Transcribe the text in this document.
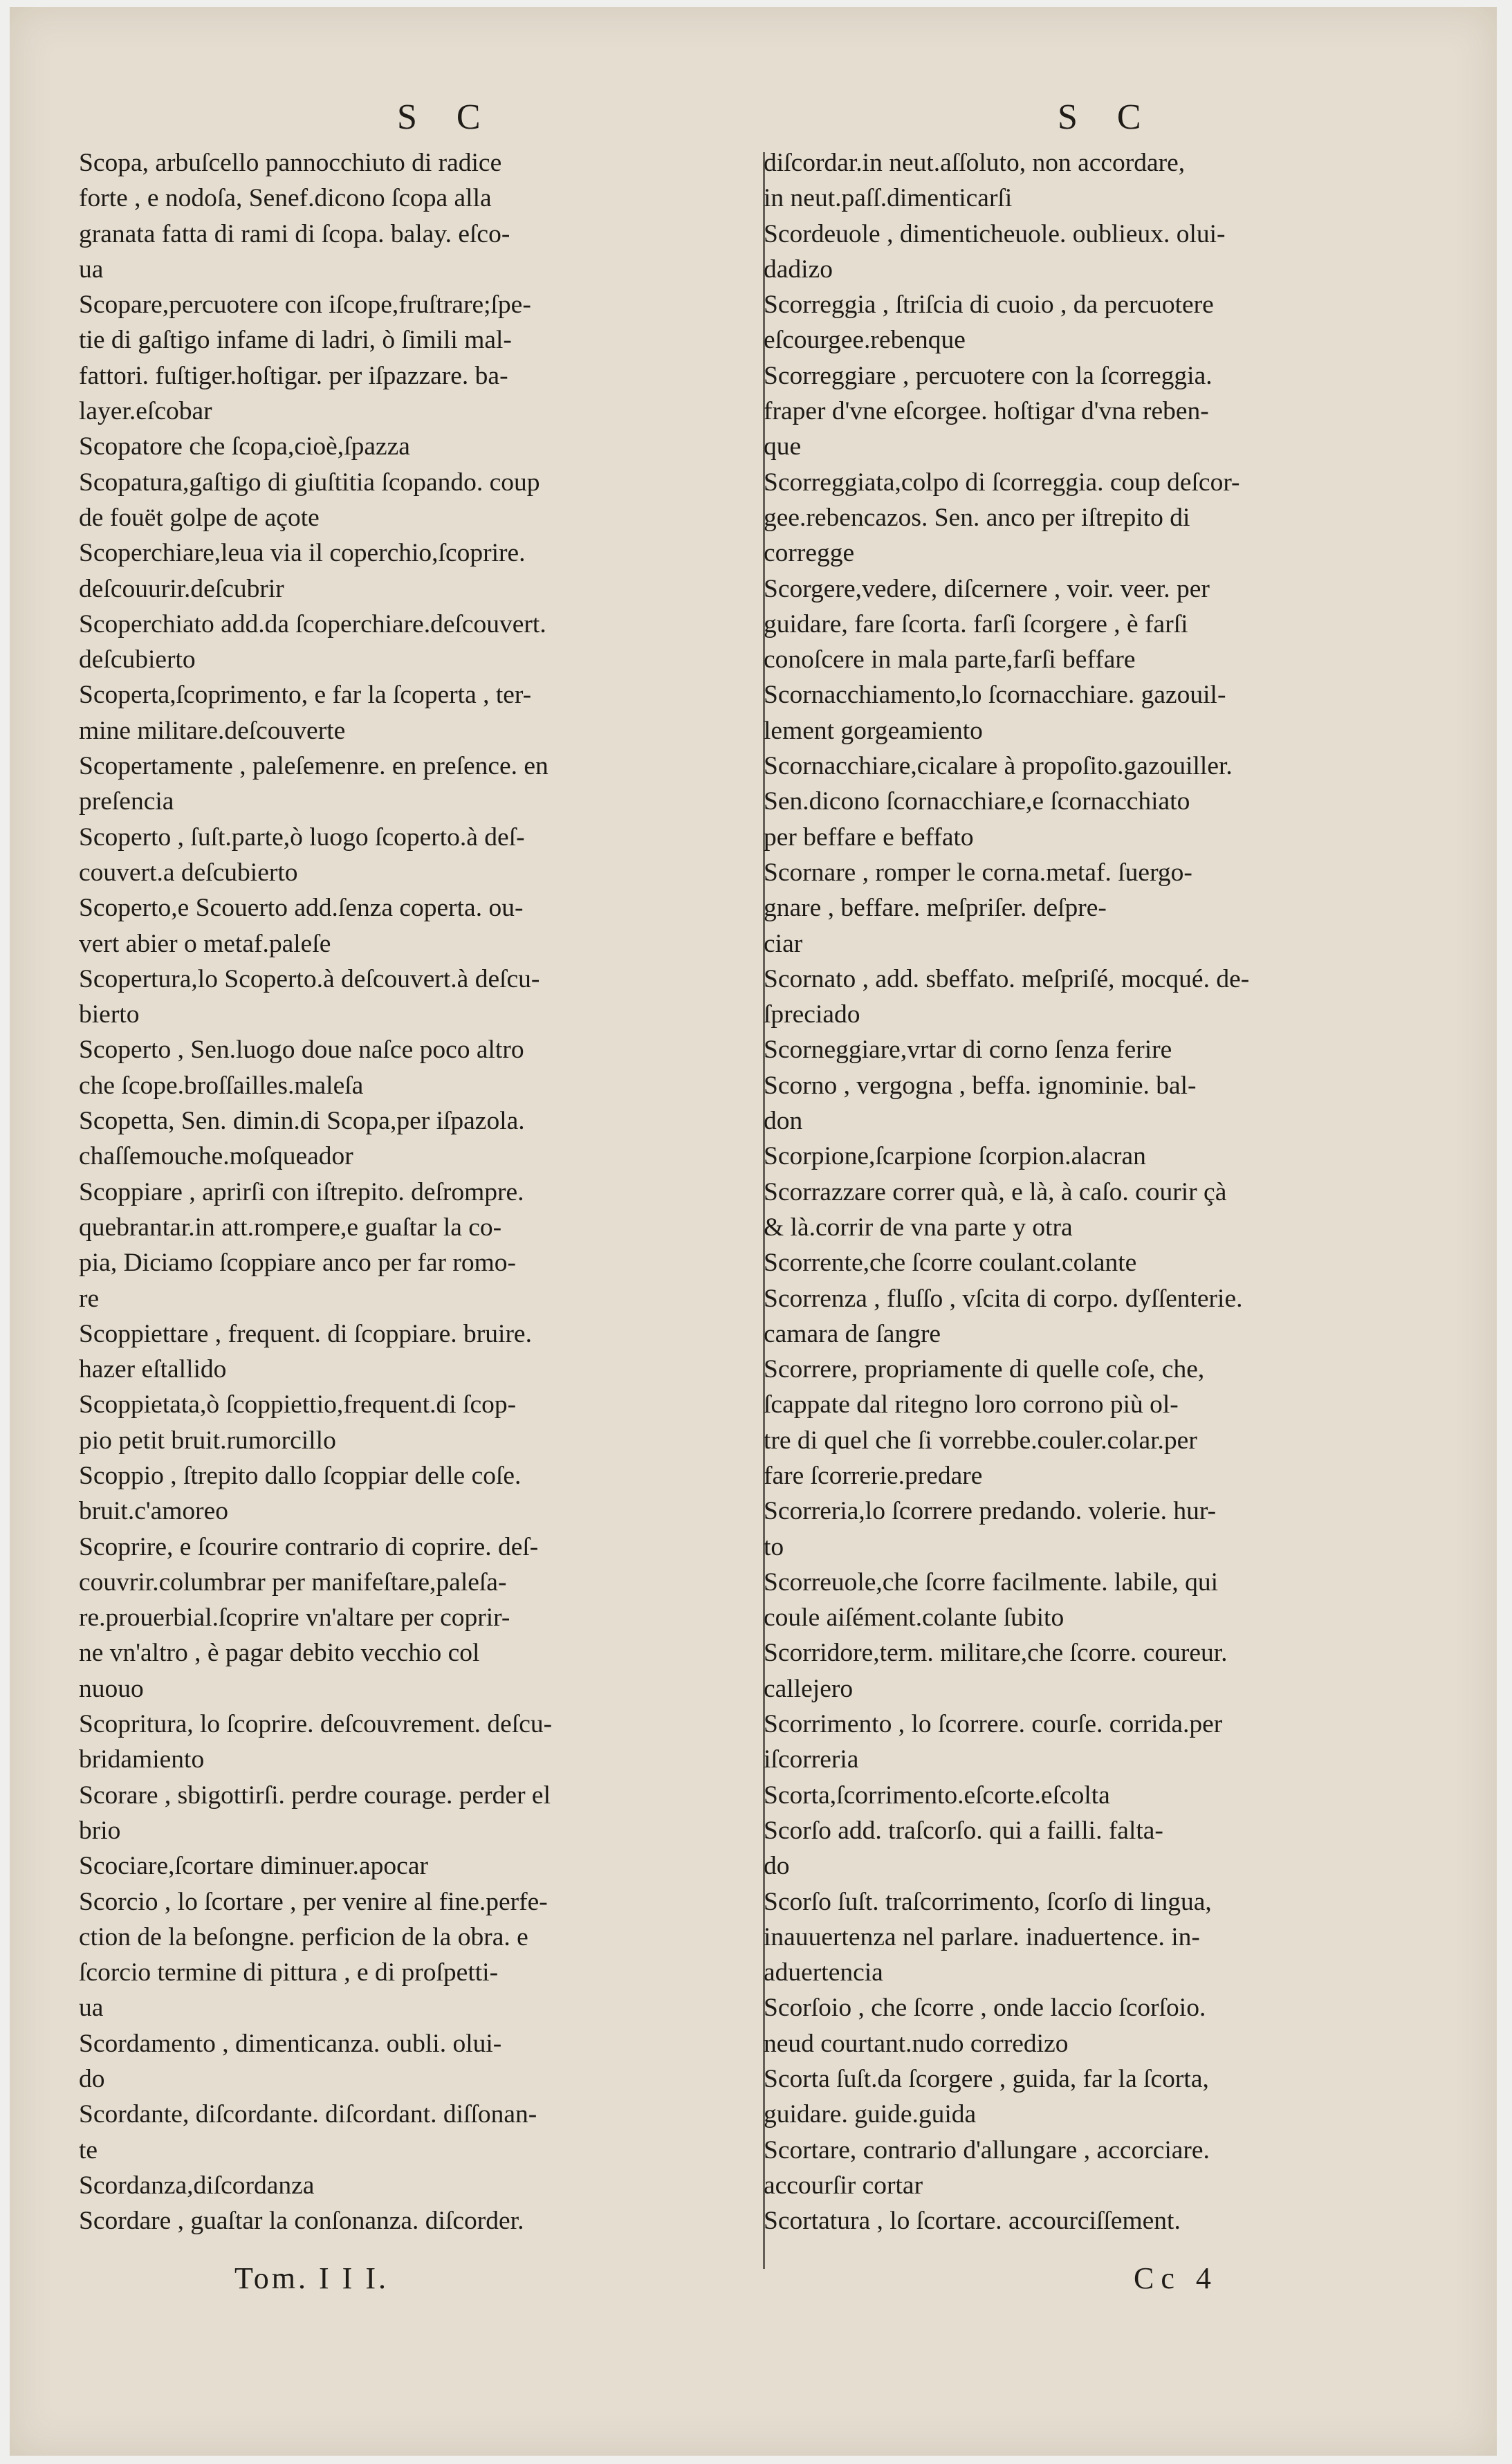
S C	S C
Scopa, arbuſcello pannocchiuto di radice
forte , e nodoſa, Senef.dicono ſcopa alla
granata fatta di rami di ſcopa. balay. eſco-
ua
Scopare,percuotere con iſcope,fruſtrare;ſpe-
tie di gaſtigo infame di ladri, ò ſimili mal-
fattori. fuſtiger.hoſtigar. per iſpazzare. ba-
layer.eſcobar
Scopatore che ſcopa,cioè,ſpazza
Scopatura,gaſtigo di giuſtitia ſcopando. coup
de fouët golpe de açote
Scoperchiare,leua via il coperchio,ſcoprire.
deſcouurir.deſcubrir
Scoperchiato add.da ſcoperchiare.deſcouvert.
deſcubierto
Scoperta,ſcoprimento, e far la ſcoperta , ter-
mine militare.deſcouverte
Scopertamente , paleſemenre. en preſence. en
preſencia
Scoperto , ſuſt.parte,ò luogo ſcoperto.à deſ-
couvert.a deſcubierto
Scoperto,e Scouerto add.ſenza coperta. ou-
vert abier o metaf.paleſe
Scopertura,lo Scoperto.à deſcouvert.à deſcu-
bierto
Scoperto , Sen.luogo doue naſce poco altro
che ſcope.broſſailles.maleſa
Scopetta, Sen. dimin.di Scopa,per iſpazola.
chaſſemouche.moſqueador
Scoppiare , aprirſi con iſtrepito. deſrompre.
quebrantar.in att.rompere,e guaſtar la co-
pia, Diciamo ſcoppiare anco per far romo-
re
Scoppiettare , frequent. di ſcoppiare. bruire.
hazer eſtallido
Scoppietata,ò ſcoppiettio,frequent.di ſcop-
pio petit bruit.rumorcillo
Scoppio , ſtrepito dallo ſcoppiar delle coſe.
bruit.c'amoreo
Scoprire, e ſcourire contrario di coprire. deſ-
couvrir.columbrar per manifeſtare,paleſa-
re.prouerbial.ſcoprire vn'altare per coprir-
ne vn'altro , è pagar debito vecchio col
nuouo
Scopritura, lo ſcoprire. deſcouvrement. deſcu-
bridamiento
Scorare , sbigottirſi. perdre courage. perder el
brio
Scociare,ſcortare diminuer.apocar
Scorcio , lo ſcortare , per venire al fine.perfe-
ction de la beſongne. perficion de la obra. e
ſcorcio termine di pittura , e di proſpetti-
ua
Scordamento , dimenticanza. oubli. olui-
do
Scordante, diſcordante. diſcordant. diſſonan-
te
Scordanza,diſcordanza
Scordare , guaſtar la conſonanza. diſcorder.
diſcordar.in neut.aſſoluto, non accordare,
in neut.paſſ.dimenticarſi
Scordeuole , dimenticheuole. oublieux. olui-
dadizo
Scorreggia , ſtriſcia di cuoio , da percuotere
eſcourgee.rebenque
Scorreggiare , percuotere con la ſcorreggia.
fraper d'vne eſcorgee. hoſtigar d'vna reben-
que
Scorreggiata,colpo di ſcorreggia. coup deſcor-
gee.rebencazos. Sen. anco per iſtrepito di
corregge
Scorgere,vedere, diſcernere , voir. veer. per
guidare, fare ſcorta. farſi ſcorgere , è farſi
conoſcere in mala parte,farſi beffare
Scornacchiamento,lo ſcornacchiare. gazouil-
lement gorgeamiento
Scornacchiare,cicalare à propoſito.gazouiller.
Sen.dicono ſcornacchiare,e ſcornacchiato
per beffare e beffato
Scornare , romper le corna.metaf. ſuergo-
gnare , beffare. meſpriſer. deſpre-
ciar
Scornato , add. sbeffato. meſpriſé, mocqué. de-
ſpreciado
Scorneggiare,vrtar di corno ſenza ferire
Scorno , vergogna , beffa. ignominie. bal-
don
Scorpione,ſcarpione ſcorpion.alacran
Scorrazzare correr quà, e là, à caſo. courir çà
& là.corrir de vna parte y otra
Scorrente,che ſcorre coulant.colante
Scorrenza , fluſſo , vſcita di corpo. dyſſenterie.
camara de ſangre
Scorrere, propriamente di quelle coſe, che,
ſcappate dal ritegno loro corrono più ol-
tre di quel che ſi vorrebbe.couler.colar.per
fare ſcorrerie.predare
Scorreria,lo ſcorrere predando. volerie. hur-
to
Scorreuole,che ſcorre facilmente. labile, qui
coule aiſément.colante ſubito
Scorridore,term. militare,che ſcorre. coureur.
callejero
Scorrimento , lo ſcorrere. courſe. corrida.per
iſcorreria
Scorta,ſcorrimento.eſcorte.eſcolta
Scorſo add. traſcorſo. qui a failli. falta-
do
Scorſo ſuſt. traſcorrimento, ſcorſo di lingua,
inauuertenza nel parlare. inaduertence. in-
aduertencia
Scorſoio , che ſcorre , onde laccio ſcorſoio.
neud courtant.nudo corredizo
Scorta ſuſt.da ſcorgere , guida, far la ſcorta,
guidare. guide.guida
Scortare, contrario d'allungare , accorciare.
accourſir cortar
Scortatura , lo ſcortare. accourciſſement.
Tom. I I I.	Cc 4
